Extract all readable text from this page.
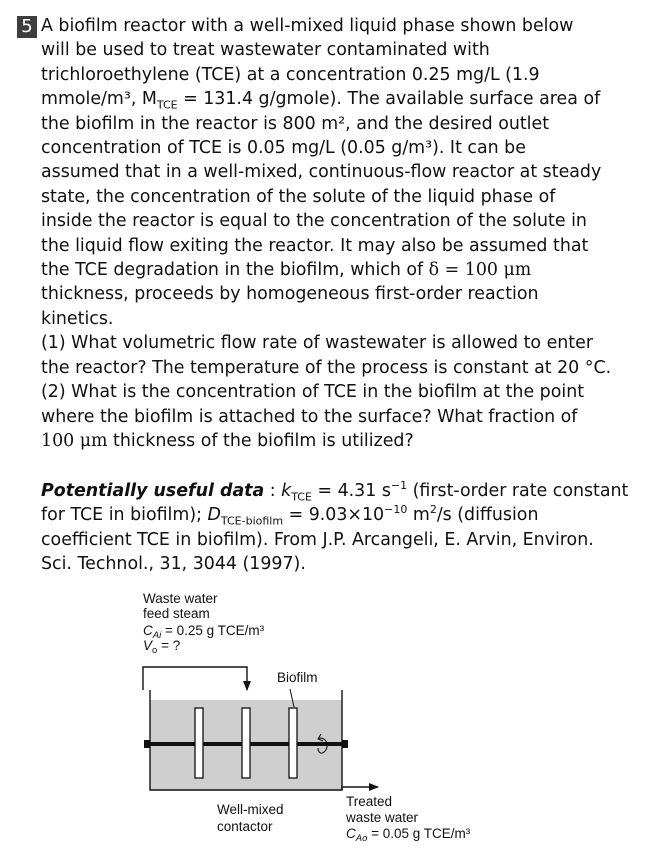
5 A biofilm reactor with a well-mixed liquid phase shown below
will be used to treat wastewater contaminated with
trichloroethylene (TCE) at a concentration 0.25 mg/L (1.9
mmole/m³, $M_{TCE} = 131.4$ g/gmole). The available surface area of
the biofilm in the reactor is 800 m², and the desired outlet
concentration of TCE is 0.05 mg/L (0.05 g/m³). It can be
assumed that in a well-mixed, continuous-flow reactor at steady
state, the concentration of the solute of the liquid phase of
inside the reactor is equal to the concentration of the solute in
the liquid flow exiting the reactor. It may also be assumed that
the TCE degradation in the biofilm, which of δ = 100 μm
thickness, proceeds by homogeneous first-order reaction
kinetics.
(1) What volumetric flow rate of wastewater is allowed to enter
the reactor? The temperature of the process is constant at 20 °C.
(2) What is the concentration of TCE in the biofilm at the point
where the biofilm is attached to the surface? What fraction of
100 μm thickness of the biofilm is utilized?
Potentially useful data : $k_{TCE} = 4.31$ $s^{-1}$ (first-order rate constant
for TCE in biofilm); $D_{TCE-biofilm} = 9.03\times 10^{-10}$ $m^2/s$ (diffusion
coefficient TCE in biofilm). From J.P. Arcangeli, E. Arvin, Environ.
Sci. Technol., 31, 3044 (1997).
Waste water
feed steam
$C_{Ai} = 0.25$ g TCE/m³
$V_o$ = ?
Biofilm
Well-mixed
contactor
Treated
waste water
$C_{Ao} = 0.05$ g TCE/m³
